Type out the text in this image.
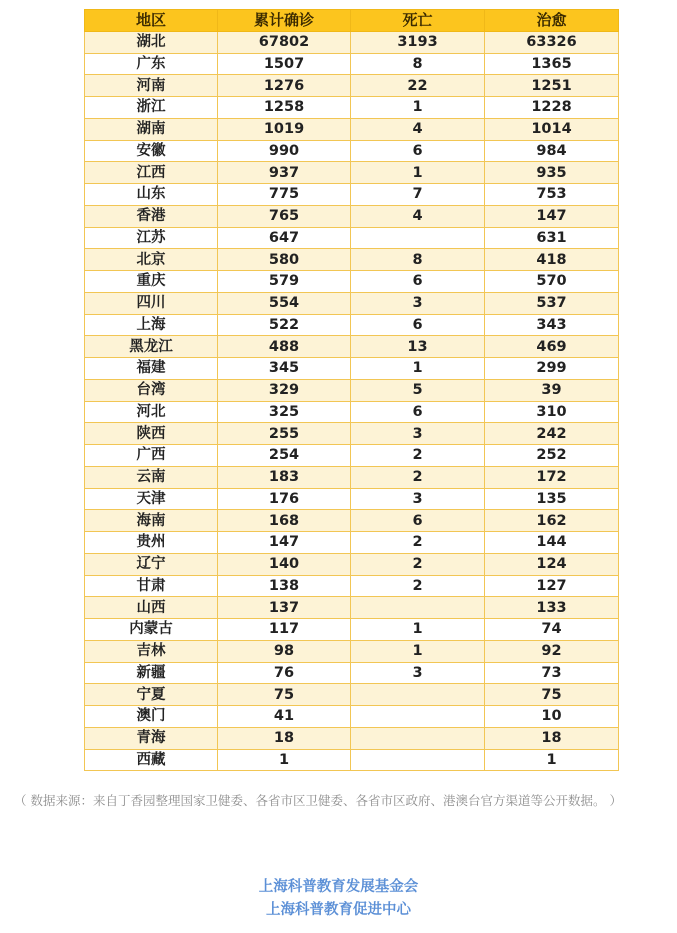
地区	累计确诊	死亡	治愈
湖北	67802	3193	63326
广东	1507	8	1365
河南	1276	22	1251
浙江	1258	1	1228
湖南	1019	4	1014
安徽	990	6	984
江西	937	1	935
山东	775	7	753
香港	765	4	147
江苏	647		631
北京	580	8	418
重庆	579	6	570
四川	554	3	537
上海	522	6	343
黑龙江	488	13	469
福建	345	1	299
台湾	329	5	39
河北	325	6	310
陕西	255	3	242
广西	254	2	252
云南	183	2	172
天津	176	3	135
海南	168	6	162
贵州	147	2	144
辽宁	140	2	124
甘肃	138	2	127
山西	137		133
内蒙古	117	1	74
吉林	98	1	92
新疆	76	3	73
宁夏	75		75
澳门	41		10
青海	18		18
西藏	1		1
（ 数据来源：来自丁香园整理国家卫健委、各省市区卫健委、各省市区政府、港澳台官方渠道等公开数据。 ）
上海科普教育发展基金会
上海科普教育促进中心
